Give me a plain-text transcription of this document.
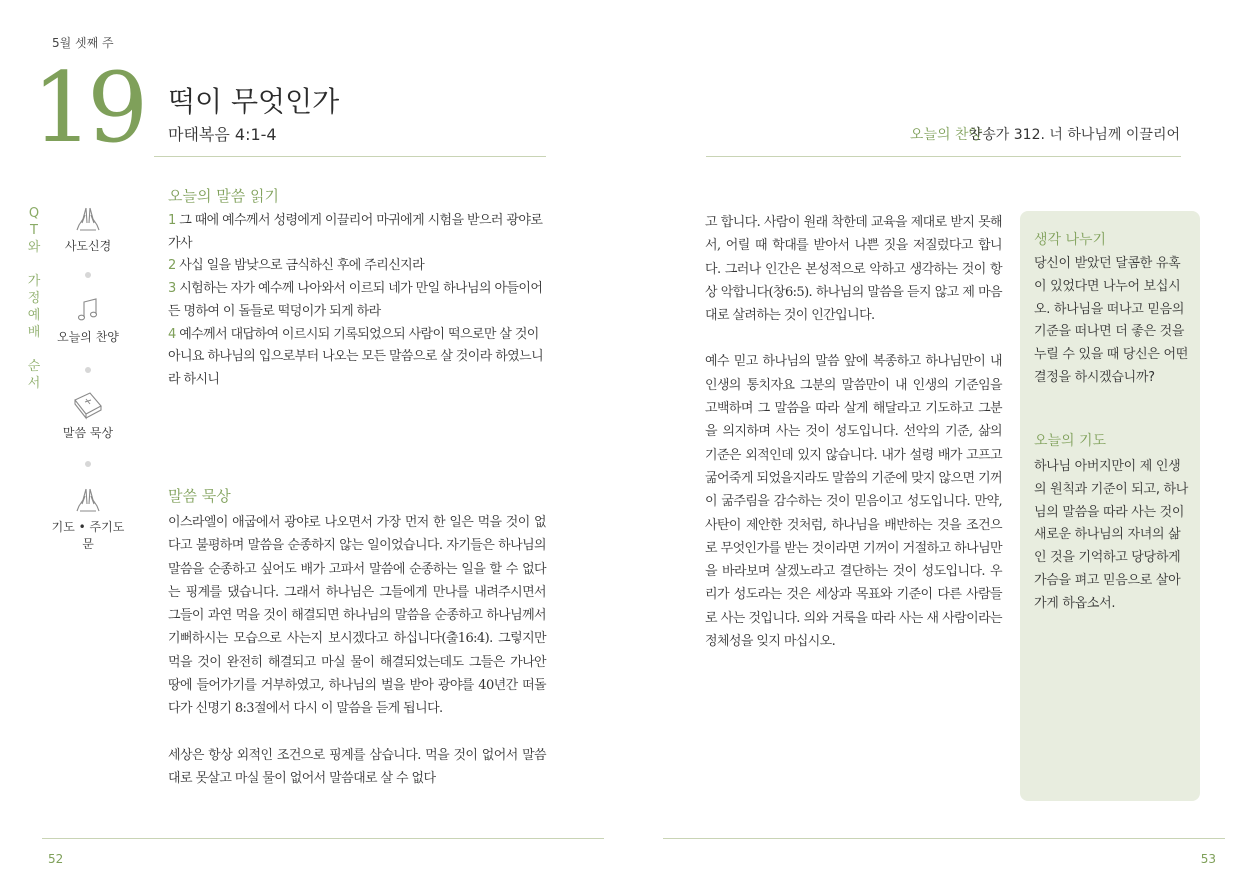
5월 셋째 주
19 떡이 무엇인가
마태복음 4:1-4	오늘의 찬양
찬송가 312. 너 하나님께 이끌리어
Q
T
와

가
정
예
배

순
서
사도신경
오늘의 찬양
말씀 묵상
기도 • 주기도문
오늘의 말씀 읽기
1 그 때에 예수께서 성령에게 이끌리어 마귀에게 시험을 받으러 광야로 가사
2 사십 일을 밤낮으로 금식하신 후에 주리신지라
3 시험하는 자가 예수께 나아와서 이르되 네가 만일 하나님의 아들이어든 명하여 이 돌들로 떡덩이가 되게 하라
4 예수께서 대답하여 이르시되 기록되었으되 사람이 떡으로만 살 것이 아니요 하나님의 입으로부터 나오는 모든 말씀으로 살 것이라 하였느니라 하시니
말씀 묵상

이스라엘이 애굽에서 광야로 나오면서 가장 먼저 한 일은 먹을 것이 없다고 불평하며 말씀을 순종하지 않는 일이었습니다. 자기들은 하나님의 말씀을 순종하고 싶어도 배가 고파서 말씀에 순종하는 일을 할 수 없다는 핑계를 댔습니다. 그래서 하나님은 그들에게 만나를 내려주시면서 그들이 과연 먹을 것이 해결되면 하나님의 말씀을 순종하고 하나님께서 기뻐하시는 모습으로 사는지 보시겠다고 하십니다(출16:4). 그렇지만 먹을 것이 완전히 해결되고 마실 물이 해결되었는데도 그들은 가나안 땅에 들어가기를 거부하였고, 하나님의 벌을 받아 광야를 40년간 떠돌다가 신명기 8:3절에서 다시 이 말씀을 듣게 됩니다.

세상은 항상 외적인 조건으로 핑계를 삼습니다. 먹을 것이 없어서 말씀대로 못살고 마실 물이 없어서 말씀대로 살 수 없다

고 합니다. 사람이 원래 착한데 교육을 제대로 받지 못해서, 어릴 때 학대를 받아서 나쁜 짓을 저질렀다고 합니다. 그러나 인간은 본성적으로 악하고 생각하는 것이 항상 악합니다(창6:5). 하나님의 말씀을 듣지 않고 제 마음대로 살려하는 것이 인간입니다.

예수 믿고 하나님의 말씀 앞에 복종하고 하나님만이 내 인생의 통치자요 그분의 말씀만이 내 인생의 기준임을 고백하며 그 말씀을 따라 살게 해달라고 기도하고 그분을 의지하며 사는 것이 성도입니다. 선악의 기준, 삶의 기준은 외적인데 있지 않습니다. 내가 설령 배가 고프고 굶어죽게 되었을지라도 말씀의 기준에 맞지 않으면 기꺼이 굶주림을 감수하는 것이 믿음이고 성도입니다. 만약, 사탄이 제안한 것처럼, 하나님을 배반하는 것을 조건으로 무엇인가를 받는 것이라면 기꺼이 거절하고 하나님만을 바라보며 살겠노라고 결단하는 것이 성도입니다. 우리가 성도라는 것은 세상과 목표와 기준이 다른 사람들로 사는 것입니다. 의와 거룩을 따라 사는 새 사람이라는 정체성을 잊지 마십시오.

생각 나누기
당신이 받았던 달콤한 유혹이 있었다면 나누어 보십시오. 하나님을 떠나고 믿음의 기준을 떠나면 더 좋은 것을 누릴 수 있을 때 당신은 어떤 결정을 하시겠습니까?
오늘의 기도
하나님 아버지만이 제 인생의 원칙과 기준이 되고, 하나님의 말씀을 따라 사는 것이 새로운 하나님의 자녀의 삶인 것을 기억하고 당당하게 가슴을 펴고 믿음으로 살아가게 하옵소서.
52	53
